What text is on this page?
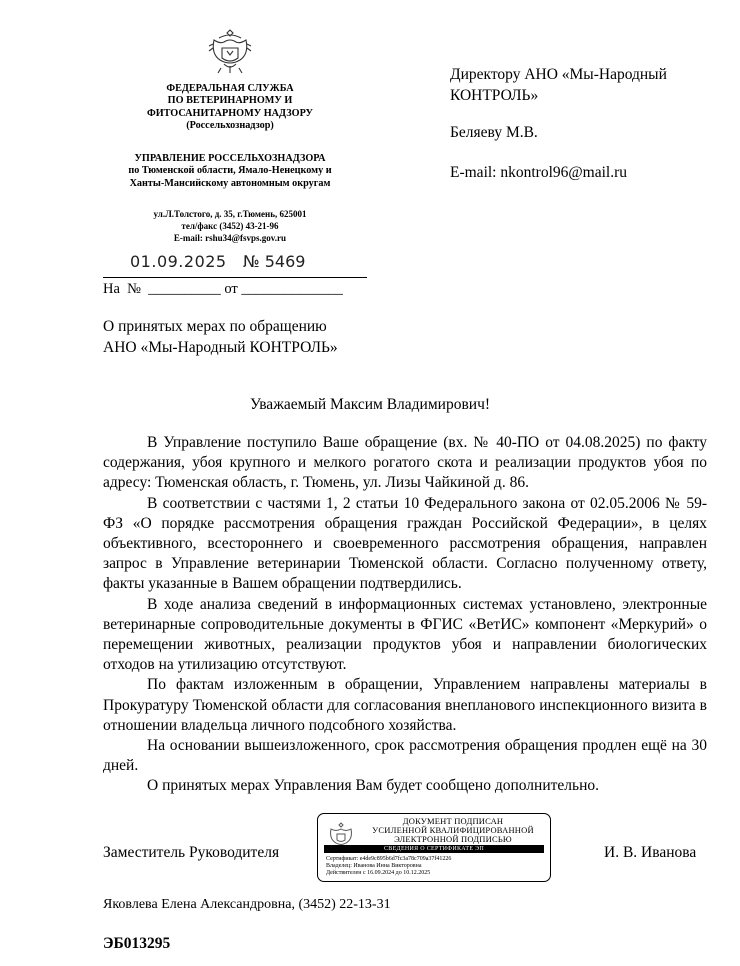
ФЕДЕРАЛЬНАЯ СЛУЖБА
ПО ВЕТЕРИНАРНОМУ И
ФИТОСАНИТАРНОМУ НАДЗОРУ
(Россельхознадзор)
УПРАВЛЕНИЕ РОССЕЛЬХОЗНАДЗОРА
по Тюменской области, Ямало-Ненецкому и
Ханты-Мансийскому автономным округам
ул.Л.Толстого, д. 35, г.Тюмень, 625001
тел/факс (3452) 43-21-96
E-mail: rshu34@fsvps.gov.ru
01.09.2025 № 5469
На  №  __________ от ______________
Директору АНО «Мы-Народный
КОНТРОЛЬ»
Беляеву М.В.
E-mail: nkontrol96@mail.ru
О принятых мерах по обращению
АНО «Мы-Народный КОНТРОЛЬ»
Уважаемый Максим Владимирович!

В Управление поступило Ваше обращение (вх. № 40-ПО от 04.08.2025) по факту содержания, убоя крупного и мелкого рогатого скота и реализации продуктов убоя по адресу: Тюменская область, г. Тюмень, ул. Лизы Чайкиной д. 86.

В соответствии с частями 1, 2 статьи 10 Федерального закона от 02.05.2006 № 59-ФЗ «О порядке рассмотрения обращения граждан Российской Федерации», в целях объективного, всестороннего и своевременного рассмотрения обращения, направлен запрос в Управление ветеринарии Тюменской области. Согласно полученному ответу, факты указанные в Вашем обращении подтвердились.

В ходе анализа сведений в информационных системах установлено, электронные ветеринарные сопроводительные документы в ФГИС «ВетИС» компонент «Меркурий» о перемещении животных, реализации продуктов убоя и направлении биологических отходов на утилизацию отсутствуют.

По фактам изложенным в обращении, Управлением направлены материалы в Прокуратуру Тюменской области для согласования внепланового инспекционного визита в отношении владельца личного подсобного хозяйства.

На основании вышеизложенного, срок рассмотрения обращения продлен ещё на 30 дней.

О принятых мерах Управления Вам будет сообщено дополнительно.

Заместитель Руководителя
ДОКУМЕНТ ПОДПИСАН
УСИЛЕННОЙ КВАЛИФИЦИРОВАННОЙ
ЭЛЕКТРОННОЙ ПОДПИСЬЮ
СВЕДЕНИЯ О СЕРТИФИКАТЕ ЭП
Сертификат: e4de9c895b6d7fc3a78c709a37f41226
Владелец: Иванова Инна Викторовна
Действителен с 16.09.2024 до 10.12.2025
И. В. Иванова
Яковлева Елена Александровна, (3452) 22-13-31
ЭБ013295
